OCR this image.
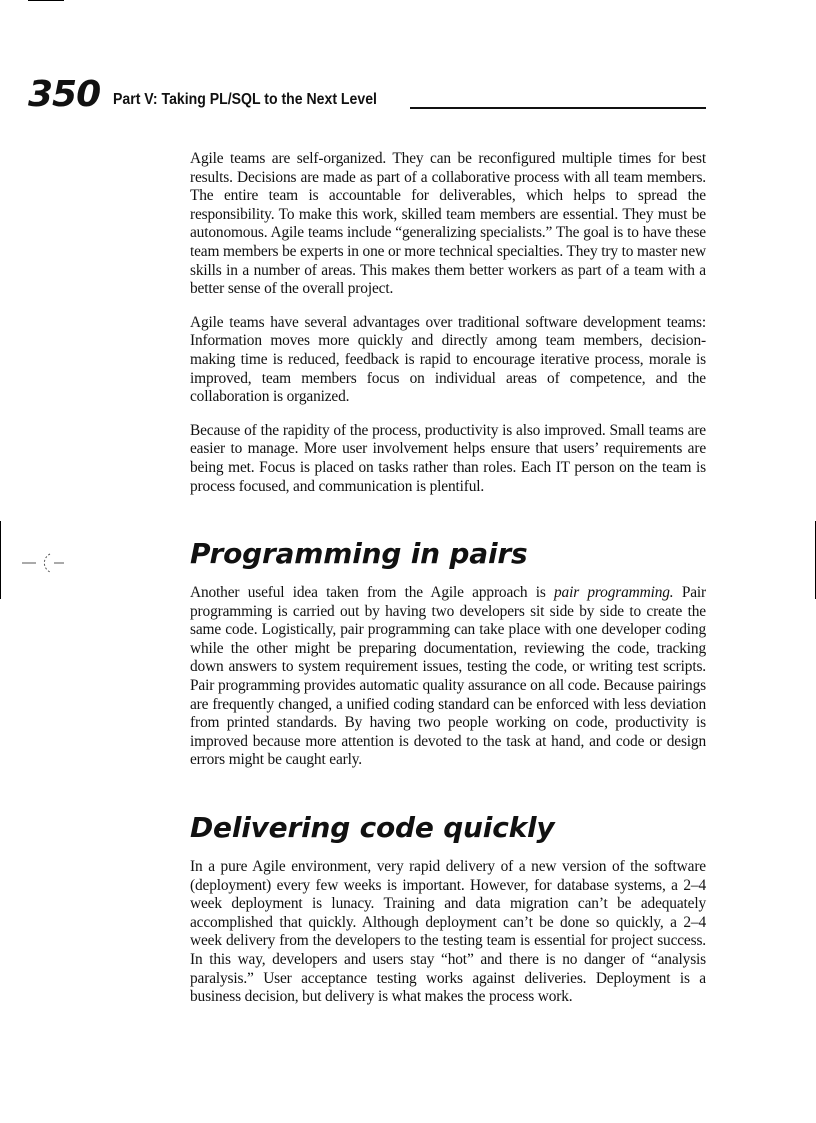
350 Part V: Taking PL/SQL to the Next Level

Agile teams are self-organized. They can be reconfigured multiple times for best results. Decisions are made as part of a collaborative process with all team members. The entire team is accountable for deliverables, which helps to spread the responsibility. To make this work, skilled team members are essential. They must be autonomous. Agile teams include “generalizing specialists.” The goal is to have these team members be experts in one or more technical specialties. They try to master new skills in a number of areas. This makes them better workers as part of a team with a better sense of the overall project.

Agile teams have several advantages over traditional software development teams: Information moves more quickly and directly among team members, decision-making time is reduced, feedback is rapid to encourage iterative process, morale is improved, team members focus on individual areas of competence, and the collaboration is organized.

Because of the rapidity of the process, productivity is also improved. Small teams are easier to manage. More user involvement helps ensure that users’ requirements are being met. Focus is placed on tasks rather than roles. Each IT person on the team is process focused, and communication is plentiful.

Programming in pairs

Another useful idea taken from the Agile approach is pair programming. Pair programming is carried out by having two developers sit side by side to create the same code. Logistically, pair programming can take place with one developer coding while the other might be preparing documentation, reviewing the code, tracking down answers to system requirement issues, testing the code, or writing test scripts. Pair programming provides automatic quality assurance on all code. Because pairings are frequently changed, a unified coding standard can be enforced with less deviation from printed standards. By having two people working on code, productivity is improved because more attention is devoted to the task at hand, and code or design errors might be caught early.

Delivering code quickly

In a pure Agile environment, very rapid delivery of a new version of the software (deployment) every few weeks is important. However, for database systems, a 2–4 week deployment is lunacy. Training and data migration can’t be adequately accomplished that quickly. Although deployment can’t be done so quickly, a 2–4 week delivery from the developers to the testing team is essential for project success. In this way, developers and users stay “hot” and there is no danger of “analysis paralysis.” User acceptance testing works against deliveries. Deployment is a business decision, but delivery is what makes the process work.
